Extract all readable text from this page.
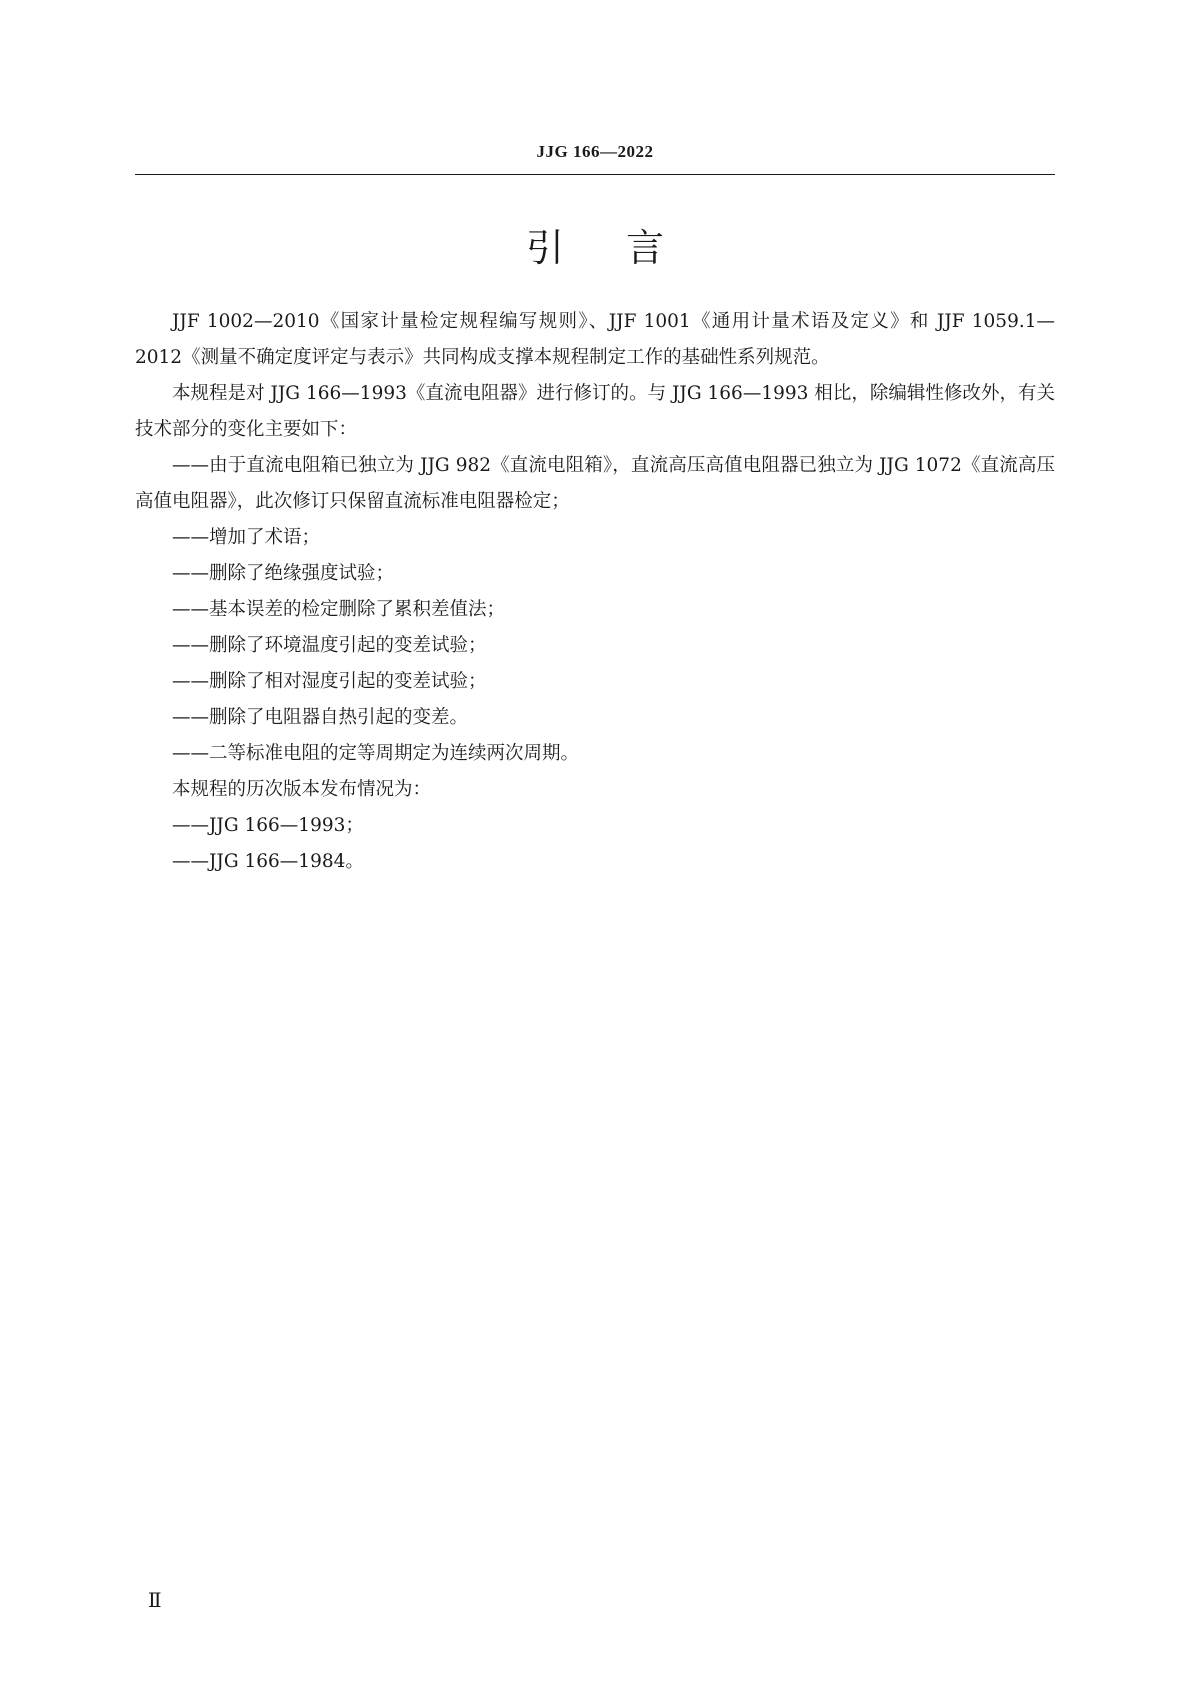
JJG 166—2022
引言

JJF 1002—2010《国家计量检定规程编写规则》、JJF 1001《通用计量术语及定义》和 JJF 1059.1—2012《测量不确定度评定与表示》共同构成支撑本规程制定工作的基础性系列规范。

本规程是对 JJG 166—1993《直流电阻器》进行修订的。与 JJG 166—1993 相比，除编辑性修改外，有关技术部分的变化主要如下：

——由于直流电阻箱已独立为 JJG 982《直流电阻箱》，直流高压高值电阻器已独立为 JJG 1072《直流高压高值电阻器》，此次修订只保留直流标准电阻器检定；

——增加了术语；

——删除了绝缘强度试验；

——基本误差的检定删除了累积差值法；

——删除了环境温度引起的变差试验；

——删除了相对湿度引起的变差试验；

——删除了电阻器自热引起的变差。

——二等标准电阻的定等周期定为连续两次周期。

本规程的历次版本发布情况为：

——JJG 166—1993；

——JJG 166—1984。

Ⅱ
